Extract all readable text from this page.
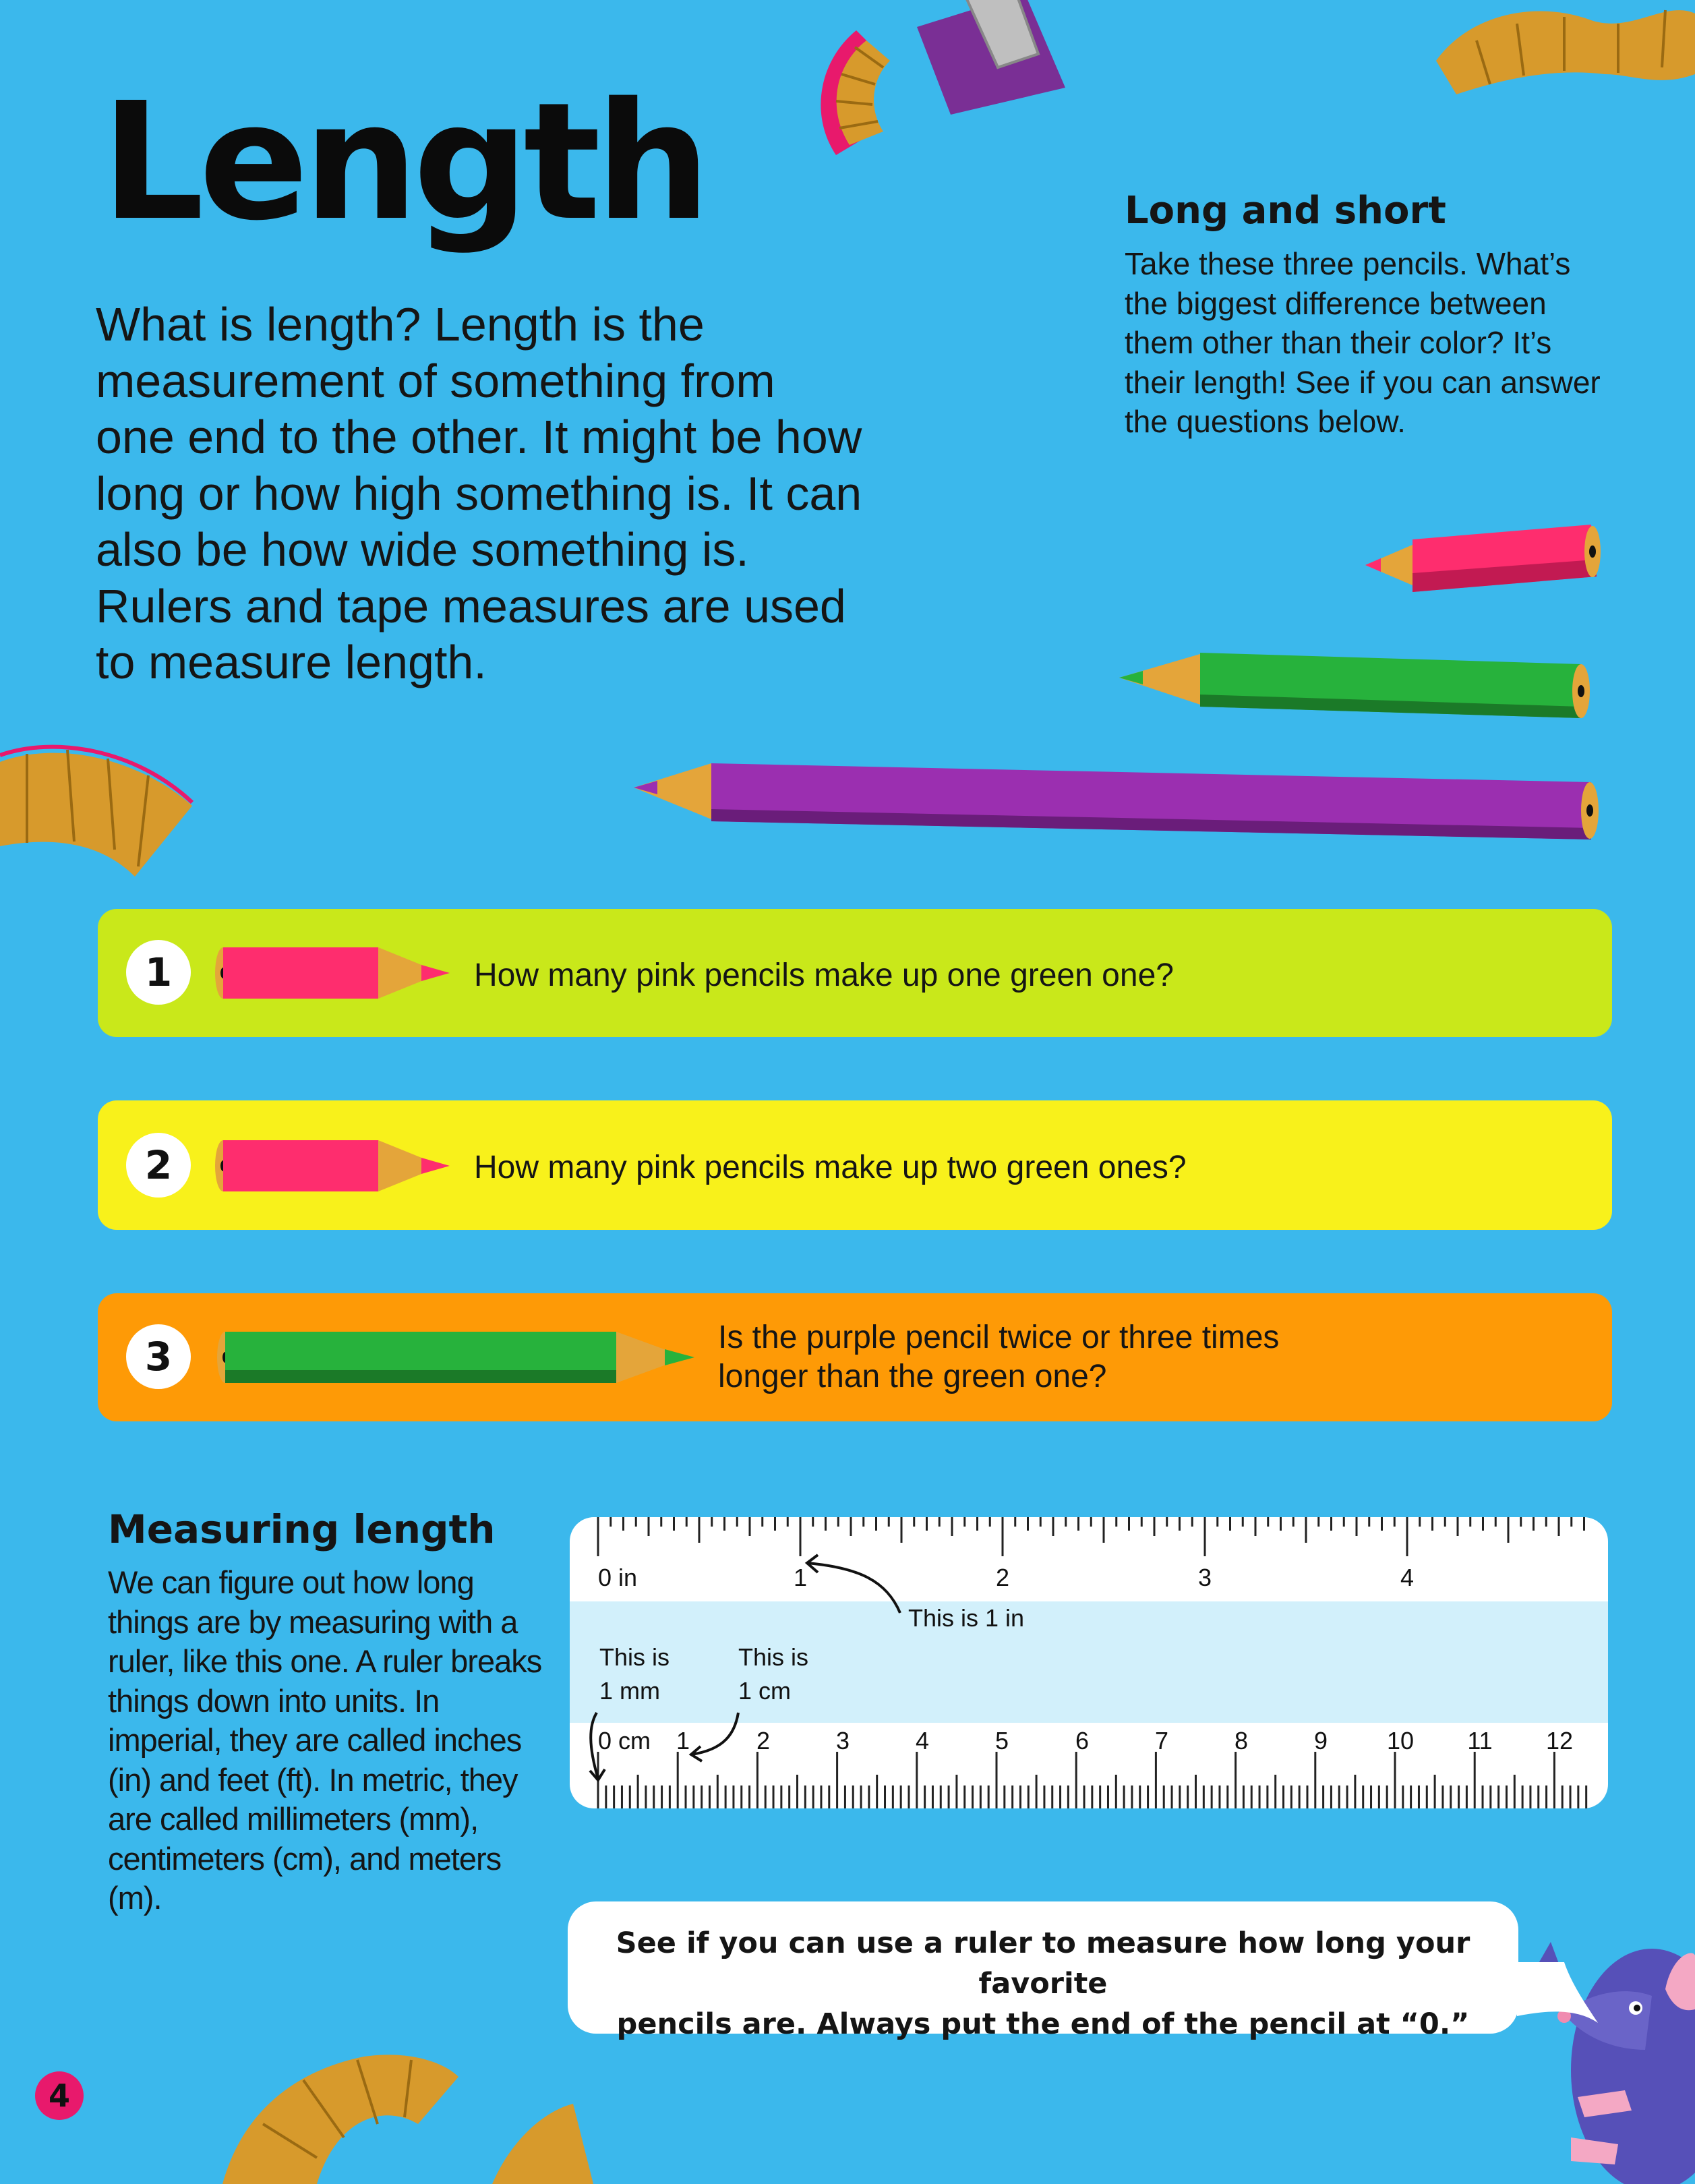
Length

What is length? Length is the measurement of something from one end to the other. It might be how long or how high something is. It can also be how wide something is. Rulers and tape measures are used to measure length.

Long and short

Take these three pencils. What’s the biggest difference between them other than their color? It’s their length! See if you can answer the questions below.

1	How many pink pencils make up one green one?
2	How many pink pencils make up two green ones?
3	Is the purple pencil twice or three times longer than the green one?
Measuring length

We can figure out how long things are by measuring with a ruler, like this one. A ruler breaks things down into units. In imperial, they are called inches (in) and feet (ft). In metric, they are called millimeters (mm), centimeters (cm), and meters (m).

0 in	1	2	3	4
0 cm 1	2	3	4	5	6	7	8	9 10 11 12
This is 1 in
This is
1 mm
This is
1 cm

See if you can use a ruler to measure how long your favorite
pencils are. Always put the end of the pencil at “0.”

4
